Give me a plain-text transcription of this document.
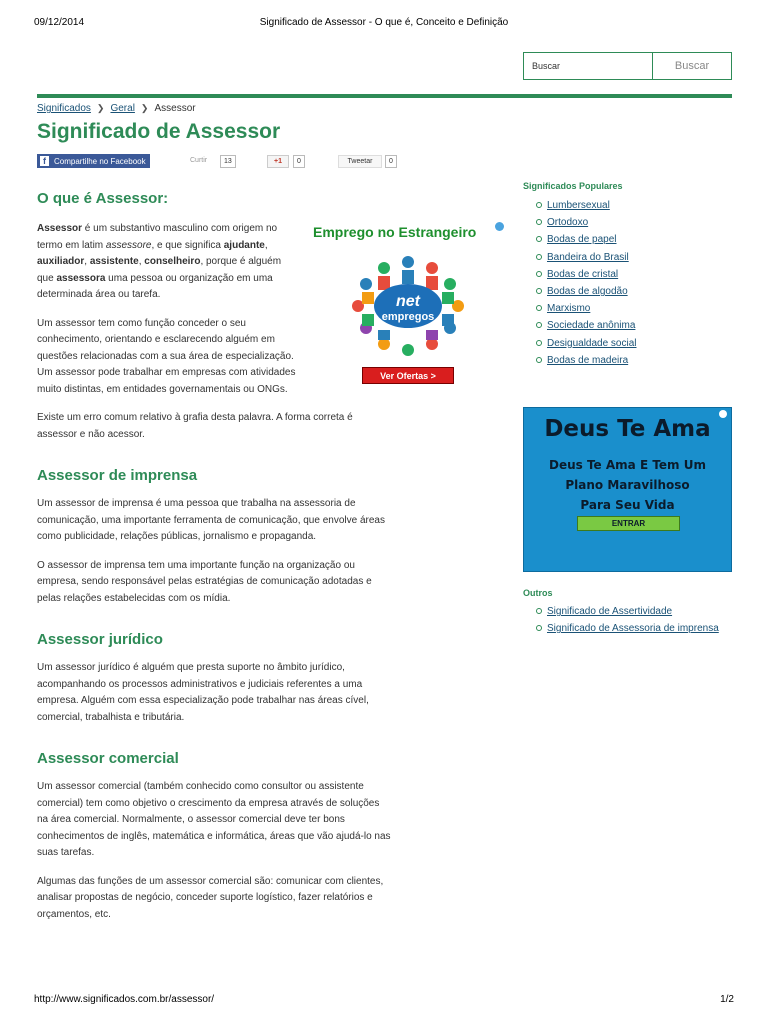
09/12/2014	Significado de Assessor - O que é, Conceito e Definição
Buscar
Buscar
Significados ❯ Geral ❯ Assessor
Significado de Assessor
f	Compartilhe no Facebook	Curtir	13	+1	0	Tweetar	0
O que é Assessor:

Assessor é um substantivo masculino com origem no termo em latim assessore, e que significa ajudante, auxiliador, assistente, conselheiro, porque é alguém que assessora uma pessoa ou organização em uma determinada área ou tarefa.

Um assessor tem como função conceder o seu conhecimento, orientando e esclarecendo alguém em questões relacionadas com a sua área de especialização. Um assessor pode trabalhar em empresas com atividades muito distintas, em entidades governamentais ou ONGs.

Existe um erro comum relativo à grafia desta palavra. A forma correta é assessor e não acessor.

Assessor de imprensa

Um assessor de imprensa é uma pessoa que trabalha na assessoria de comunicação, uma importante ferramenta de comunicação, que envolve áreas como publicidade, relações públicas, jornalismo e propaganda.

O assessor de imprensa tem uma importante função na organização ou empresa, sendo responsável pelas estratégias de comunicação adotadas e pelas relações estabelecidas com os mídia.

Assessor jurídico

Um assessor jurídico é alguém que presta suporte no âmbito jurídico, acompanhando os processos administrativos e judiciais referentes a uma empresa. Alguém com essa especialização pode trabalhar nas áreas cível, comercial, trabalhista e tributária.

Assessor comercial

Um assessor comercial (também conhecido como consultor ou assistente comercial) tem como objetivo o crescimento da empresa através de soluções na área comercial. Normalmente, o assessor comercial deve ter bons conhecimentos de inglês, matemática e informática, áreas que vão ajudá-lo nas suas tarefas.

Algumas das funções de um assessor comercial são: comunicar com clientes, analisar propostas de negócio, conceder suporte logístico, fazer relatórios e orçamentos, etc.

Emprego no Estrangeiro
net
empregos
Ver Ofertas >
Significados Populares
Lumbersexual
Ortodoxo
Bodas de papel
Bandeira do Brasil
Bodas de cristal
Bodas de algodão
Marxismo
Sociedade anônima
Desigualdade social
Bodas de madeira
Deus Te Ama
Deus Te Ama E Tem Um
Plano Maravilhoso
Para Seu Vida
ENTRAR
Outros
Significado de Assertividade
Significado de Assessoria de imprensa
http://www.significados.com.br/assessor/	1/2
